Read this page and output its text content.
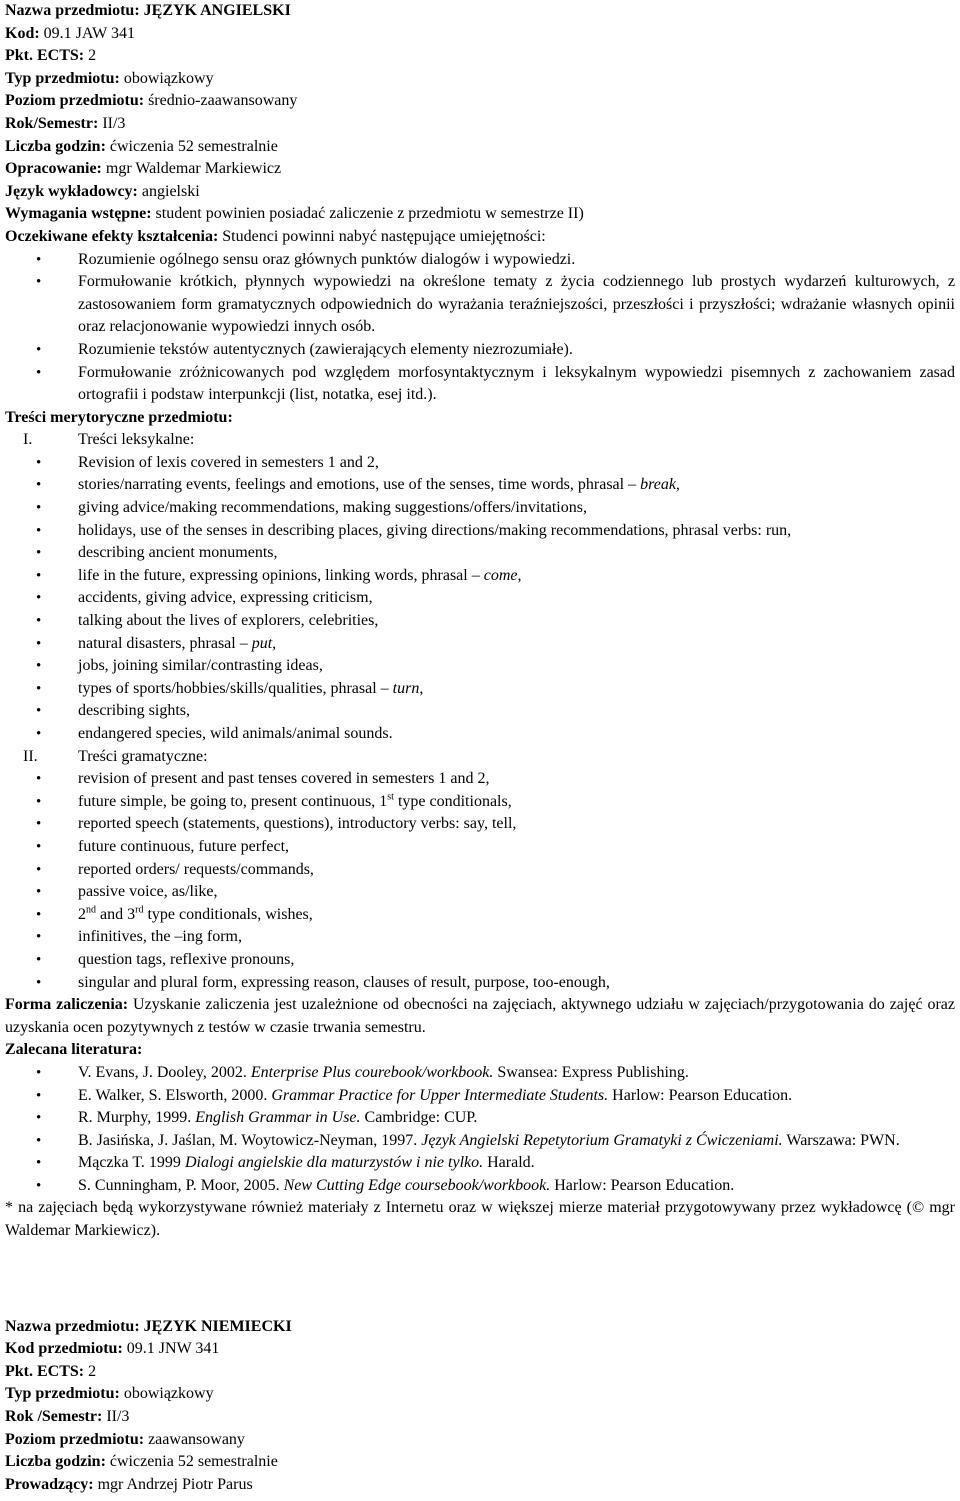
Nazwa przedmiotu: JĘZYK ANGIELSKI

Kod: 09.1 JAW 341

Pkt. ECTS: 2

Typ przedmiotu: obowiązkowy

Poziom przedmiotu: średnio-zaawansowany

Rok/Semestr: II/3

Liczba godzin: ćwiczenia 52 semestralnie

Opracowanie: mgr Waldemar Markiewicz

Język wykładowcy: angielski

Wymagania wstępne: student powinien posiadać zaliczenie z przedmiotu w semestrze II)

Oczekiwane efekty kształcenia: Studenci powinni nabyć następujące umiejętności:

• Rozumienie ogólnego sensu oraz głównych punktów dialogów i wypowiedzi.

• Formułowanie krótkich, płynnych wypowiedzi na określone tematy z życia codziennego lub prostych wydarzeń kulturowych, z zastosowaniem form gramatycznych odpowiednich do wyrażania teraźniejszości, przeszłości i przyszłości; wdrażanie własnych opinii oraz relacjonowanie wypowiedzi innych osób.

• Rozumienie tekstów autentycznych (zawierających elementy niezrozumiałe).

• Formułowanie zróżnicowanych pod względem morfosyntaktycznym i leksykalnym wypowiedzi pisemnych z zachowaniem zasad ortografii i podstaw interpunkcji (list, notatka, esej itd.).

Treści merytoryczne przedmiotu:

I.	Treści leksykalne:

• Revision of lexis covered in semesters 1 and 2,

• stories/narrating events, feelings and emotions, use of the senses, time words, phrasal – break,

• giving advice/making recommendations, making suggestions/offers/invitations,

• holidays, use of the senses in describing places, giving directions/making recommendations, phrasal verbs: run,

• describing ancient monuments,

• life in the future, expressing opinions, linking words, phrasal – come,

• accidents, giving advice, expressing criticism,

• talking about the lives of explorers, celebrities,

• natural disasters, phrasal – put,

• jobs, joining similar/contrasting ideas,

• types of sports/hobbies/skills/qualities, phrasal – turn,

• describing sights,

• endangered species, wild animals/animal sounds.

II.	Treści gramatyczne:

• revision of present and past tenses covered in semesters 1 and 2,

• future simple, be going to, present continuous, 1st type conditionals,

• reported speech (statements, questions), introductory verbs: say, tell,

• future continuous, future perfect,

• reported orders/ requests/commands,

• passive voice, as/like,

• 2nd and 3rd type conditionals, wishes,

• infinitives, the –ing form,

• question tags, reflexive pronouns,

• singular and plural form, expressing reason, clauses of result, purpose, too-enough,

Forma zaliczenia: Uzyskanie zaliczenia jest uzależnione od obecności na zajęciach, aktywnego udziału w zajęciach/przygotowania do zajęć oraz uzyskania ocen pozytywnych z testów w czasie trwania semestru.

Zalecana literatura:

• V. Evans, J. Dooley, 2002. Enterprise Plus courebook/workbook. Swansea: Express Publishing.

• E. Walker, S. Elsworth, 2000. Grammar Practice for Upper Intermediate Students. Harlow: Pearson Education.

• R. Murphy, 1999. English Grammar in Use. Cambridge: CUP.

• B. Jasińska, J. Jaślan, M. Woytowicz-Neyman, 1997. Język Angielski Repetytorium Gramatyki z Ćwiczeniami. Warszawa: PWN.

• Mączka T. 1999 Dialogi angielskie dla maturzystów i nie tylko. Harald.

• S. Cunningham, P. Moor, 2005. New Cutting Edge coursebook/workbook. Harlow: Pearson Education.

* na zajęciach będą wykorzystywane również materiały z Internetu oraz w większej mierze materiał przygotowywany przez wykładowcę (© mgr Waldemar Markiewicz).

Nazwa przedmiotu: JĘZYK NIEMIECKI

Kod przedmiotu: 09.1 JNW 341

Pkt. ECTS: 2

Typ przedmiotu: obowiązkowy

Rok /Semestr: II/3

Poziom przedmiotu: zaawansowany

Liczba godzin: ćwiczenia 52 semestralnie

Prowadzący: mgr Andrzej Piotr Parus
